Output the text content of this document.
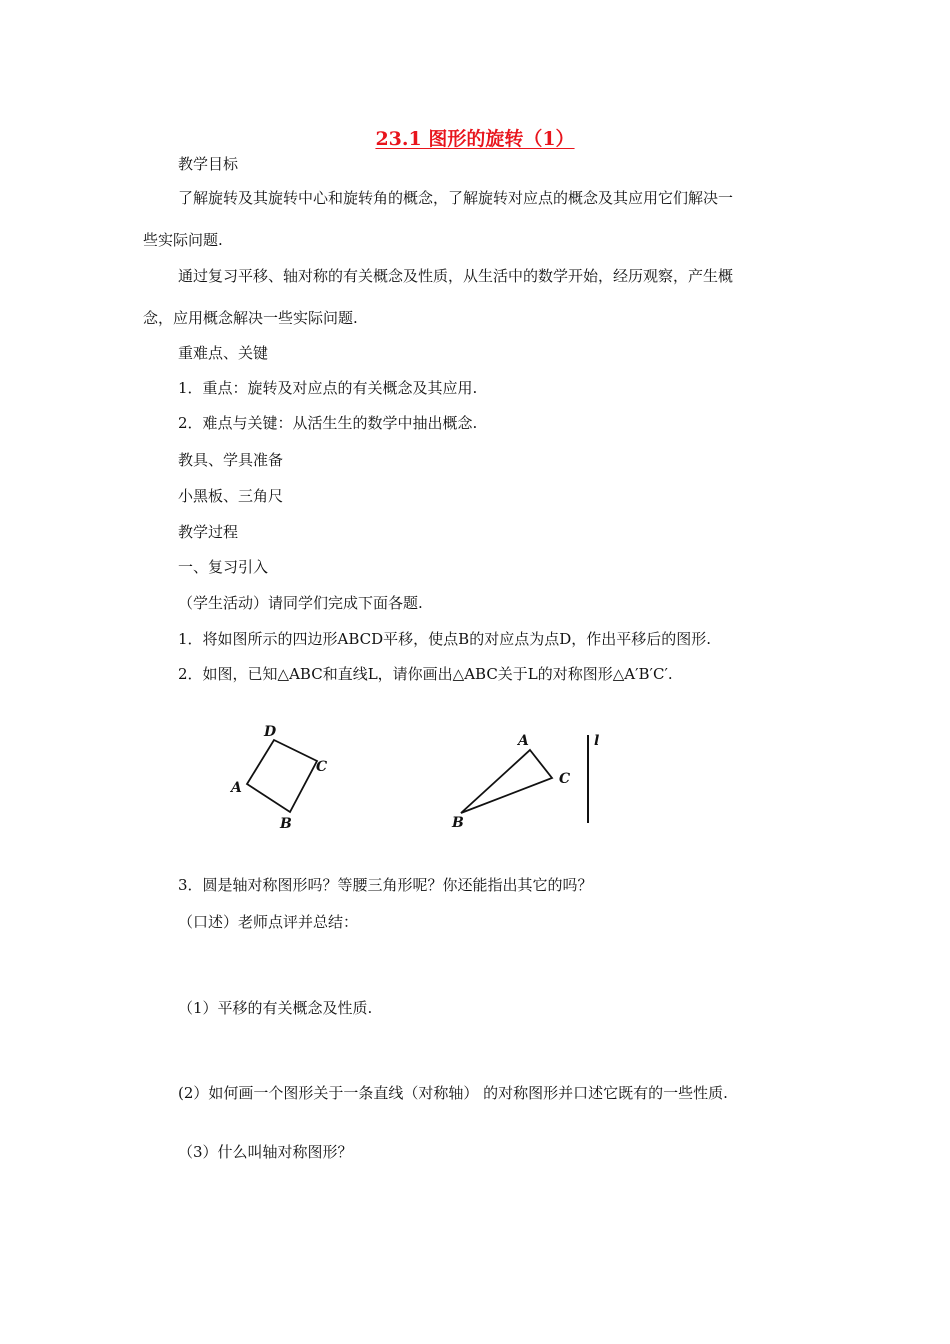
23.1 图形的旋转（1）
教学目标
了解旋转及其旋转中心和旋转角的概念，了解旋转对应点的概念及其应用它们解决一
些实际问题.
通过复习平移、轴对称的有关概念及性质，从生活中的数学开始，经历观察，产生概
念，应用概念解决一些实际问题.
重难点、关键
1．重点：旋转及对应点的有关概念及其应用.
2．难点与关键：从活生生的数学中抽出概念.
教具、学具准备
小黑板、三角尺
教学过程
一、复习引入
（学生活动）请同学们完成下面各题.
1．将如图所示的四边形ABCD平移，使点B的对应点为点D，作出平移后的图形.
2．如图，已知△ABC和直线L，请你画出△ABC关于L的对称图形△A′B′C′.
D
C
A
B
A
C
B
l
3．圆是轴对称图形吗？等腰三角形呢？你还能指出其它的吗？
（口述）老师点评并总结：
（1）平移的有关概念及性质.
(2）如何画一个图形关于一条直线（对称轴） 的对称图形并口述它既有的一些性质.
（3）什么叫轴对称图形？
